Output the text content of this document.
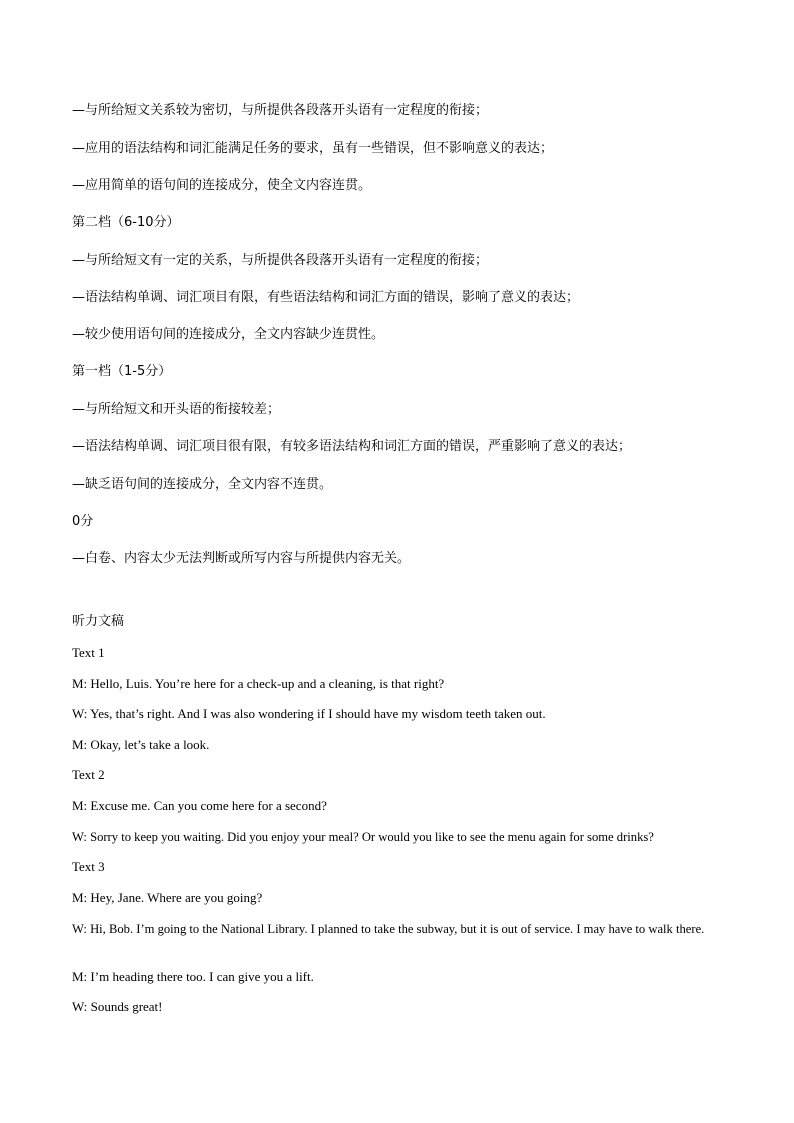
—与所给短文关系较为密切，与所提供各段落开头语有一定程度的衔接；
—应用的语法结构和词汇能满足任务的要求，虽有一些错误，但不影响意义的表达；
—应用简单的语句间的连接成分，使全文内容连贯。
第二档（6-10分）
—与所给短文有一定的关系，与所提供各段落开头语有一定程度的衔接；
—语法结构单调、词汇项目有限，有些语法结构和词汇方面的错误，影响了意义的表达；
—较少使用语句间的连接成分，全文内容缺少连贯性。
第一档（1-5分）
—与所给短文和开头语的衔接较差；
—语法结构单调、词汇项目很有限，有较多语法结构和词汇方面的错误，严重影响了意义的表达；
—缺乏语句间的连接成分，全文内容不连贯。
0分
—白卷、内容太少无法判断或所写内容与所提供内容无关。
听力文稿
Text 1
M: Hello, Luis. You’re here for a check-up and a cleaning, is that right?
W: Yes, that’s right. And I was also wondering if I should have my wisdom teeth taken out.
M: Okay, let’s take a look.
Text 2
M: Excuse me. Can you come here for a second?
W: Sorry to keep you waiting. Did you enjoy your meal? Or would you like to see the menu again for some drinks?
Text 3
M: Hey, Jane. Where are you going?
W: Hi, Bob. I’m going to the National Library. I planned to take the subway, but it is out of service. I may have to walk there.
M: I’m heading there too. I can give you a lift.
W: Sounds great!
